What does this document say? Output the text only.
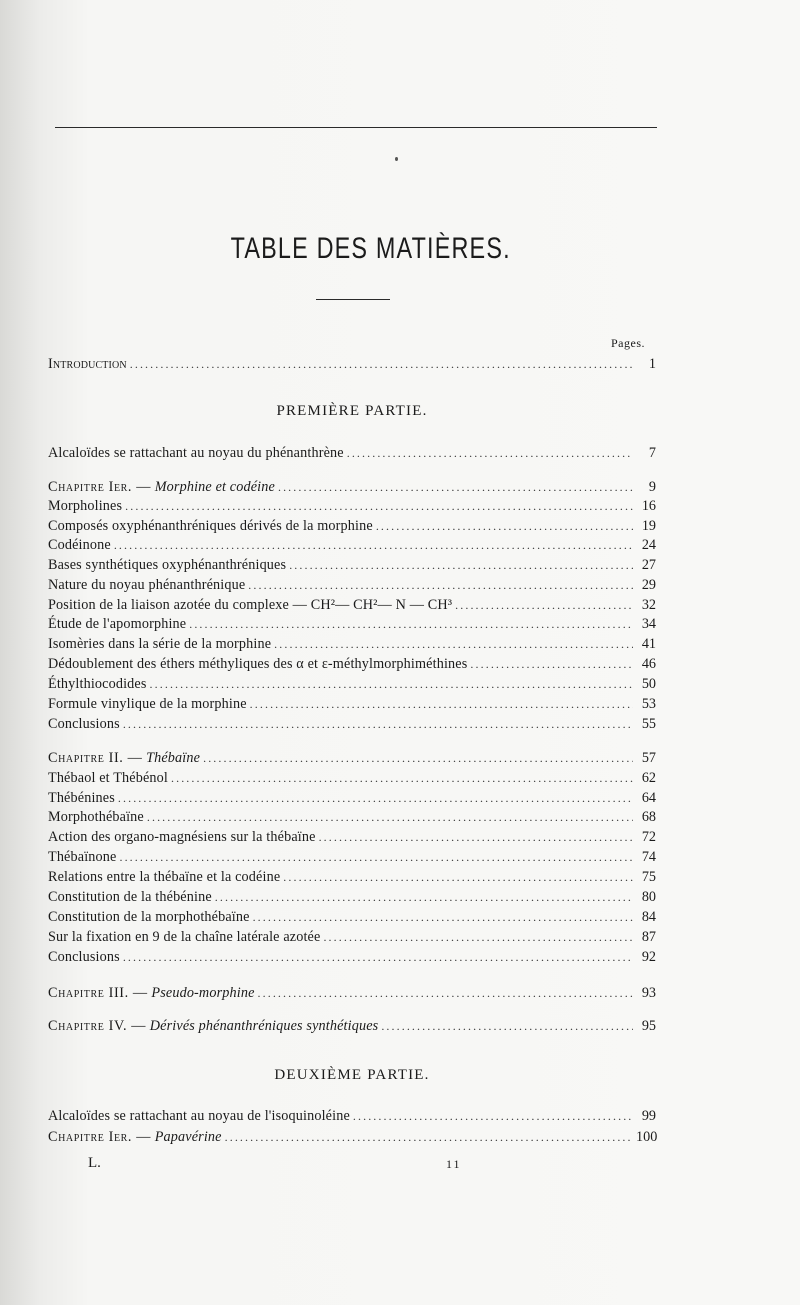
TABLE DES MATIÈRES.
Pages.
Introduction .....	1
PREMIÈRE PARTIE.
Alcaloïdes se rattachant au noyau du phénanthrène .....	7
Chapitre Ier. — Morphine et codéine .....	9
Morpholines .....	16
Composés oxyphénanthréniques dérivés de la morphine .....	19
Codéinone .....	24
Bases synthétiques oxyphénanthréniques .....	27
Nature du noyau phénanthrénique .....	29
Position de la liaison azotée du complexe — CH²— CH²— N — CH³ .....	32
Étude de l'apomorphine .....	34
Isomèries dans la série de la morphine .....	41
Dédoublement des éthers méthyliques des α et ε-méthylmorphiméthines .....	46
Éthylthiocodides .....	50
Formule vinylique de la morphine .....	53
Conclusions .....	55
Chapitre II. — Thébaïne .....	57
Thébaol et Thébénol .....	62
Thébénines .....	64
Morphothébaïne .....	68
Action des organo-magnésiens sur la thébaïne .....	72
Thébaïnone .....	74
Relations entre la thébaïne et la codéine .....	75
Constitution de la thébénine .....	80
Constitution de la morphothébaïne .....	84
Sur la fixation en 9 de la chaîne latérale azotée .....	87
Conclusions .....	92
Chapitre III. — Pseudo-morphine .....	93
Chapitre IV. — Dérivés phénanthréniques synthétiques .....	95
DEUXIÈME PARTIE.
Alcaloïdes se rattachant au noyau de l'isoquinoléine .....	99
Chapitre Ier. — Papavérine .....	100
L.	11
